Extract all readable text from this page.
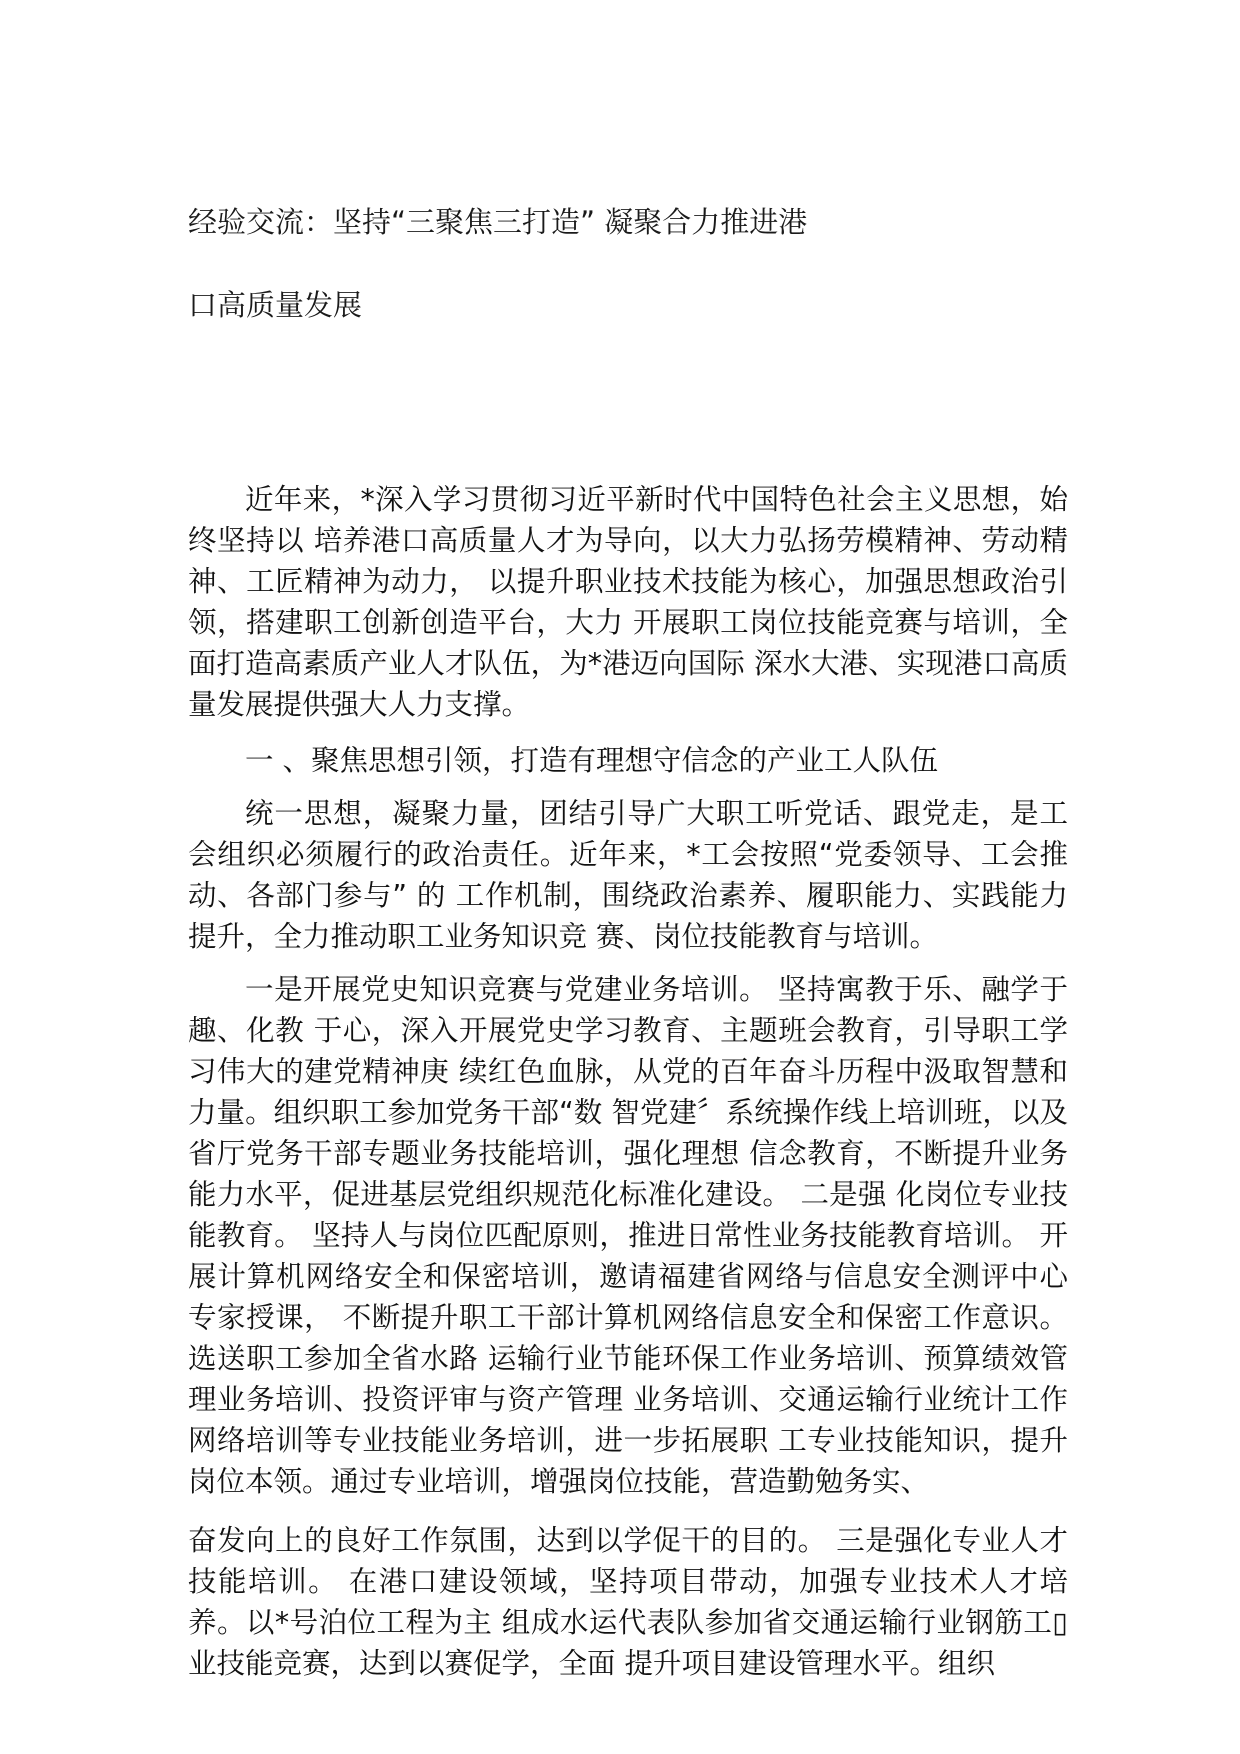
经验交流：坚持“三聚焦三打造” 凝聚合力推进港
口高质量发展

近年来，*深入学习贯彻习近平新时代中国特色社会主义思想，始终坚持以 培养港口高质量人才为导向，以大力弘扬劳模精神、劳动精神、工匠精神为动力， 以提升职业技术技能为核心，加强思想政治引领，搭建职工创新创造平台，大力 开展职工岗位技能竞赛与培训，全面打造高素质产业人才队伍，为*港迈向国际 深水大港、实现港口高质量发展提供强大人力支撑。

一 、聚焦思想引领，打造有理想守信念的产业工人队伍

统一思想，凝聚力量，团结引导广大职工听党话、跟党走，是工会组织必须履行的政治责任。近年来，*工会按照“党委领导、工会推动、各部门参与” 的 工作机制，围绕政治素养、履职能力、实践能力提升，全力推动职工业务知识竞 赛、岗位技能教育与培训。

一是开展党史知识竞赛与党建业务培训。 坚持寓教于乐、融学于趣、化教 于心，深入开展党史学习教育、主题班会教育，引导职工学习伟大的建党精神庚 续红色血脉，从党的百年奋斗历程中汲取智慧和力量。组织职工参加党务干部“数 智党建〞系统操作线上培训班，以及省厅党务干部专题业务技能培训，强化理想 信念教育，不断提升业务能力水平，促进基层党组织规范化标准化建设。 二是强 化岗位专业技能教育。 坚持人与岗位匹配原则，推进日常性业务技能教育培训。 开展计算机网络安全和保密培训，邀请福建省网络与信息安全测评中心专家授课， 不断提升职工干部计算机网络信息安全和保密工作意识。选送职工参加全省水路 运输行业节能环保工作业务培训、预算绩效管理业务培训、投资评审与资产管理 业务培训、交通运输行业统计工作网络培训等专业技能业务培训，进一步拓展职 工专业技能知识，提升岗位本领。通过专业培训，增强岗位技能，营造勤勉务实、

奋发向上的良好工作氛围，达到以学促干的目的。 三是强化专业人才技能培训。 在港口建设领域，坚持项目带动，加强专业技术人才培养。以*号泊位工程为主 组成水运代表队参加省交通运输行业钢筋工▯业技能竞赛，达到以赛促学，全面 提升项目建设管理水平。组织
